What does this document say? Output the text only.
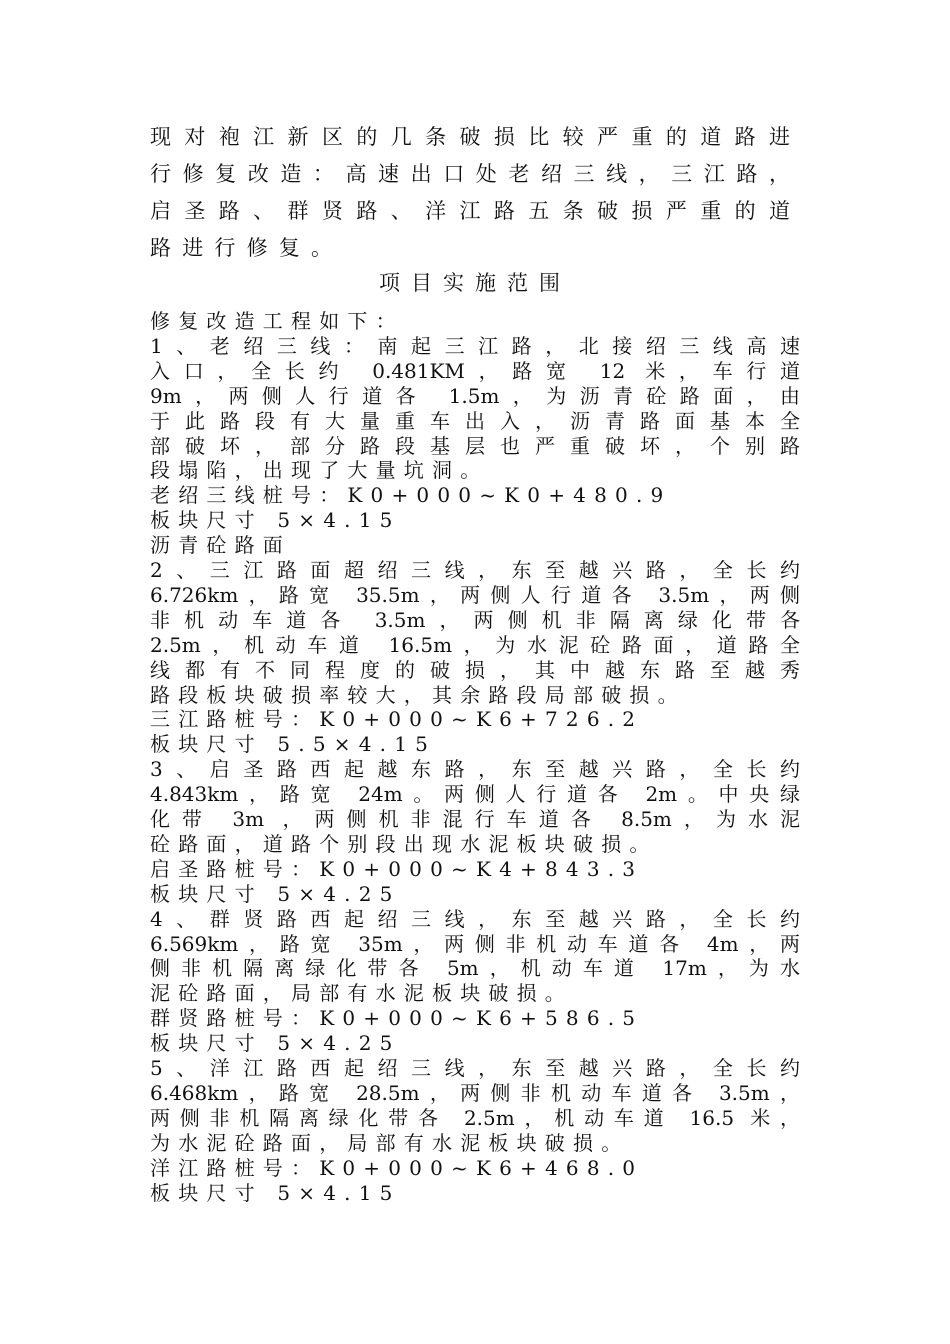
现对袍江新区的几条破损比较严重的道路进
行修复改造：高速出口处老绍三线，三江路，
启圣路、群贤路、洋江路五条破损严重的道
路进行修复。
项目实施范围
修复改造工程如下：
1、老绍三线：南起三江路，北接绍三线高速
入口，全长约 0.481KM，路宽 12 米，车行道
9m，两侧人行道各 1.5m，为沥青砼路面，由
于此路段有大量重车出入，沥青路面基本全
部破坏，部分路段基层也严重破坏，个别路
段塌陷，出现了大量坑洞。
老绍三线桩号：K0+000~K0+480.9
板块尺寸 5×4.15
沥青砼路面
2、三江路面超绍三线，东至越兴路，全长约
6.726km，路宽 35.5m，两侧人行道各 3.5m，两侧
非机动车道各 3.5m，两侧机非隔离绿化带各
2.5m，机动车道 16.5m，为水泥砼路面，道路全
线都有不同程度的破损，其中越东路至越秀
路段板块破损率较大，其余路段局部破损。
三江路桩号：K0+000~K6+726.2
板块尺寸 5.5×4.15
3、启圣路西起越东路，东至越兴路，全长约
4.843km，路宽 24m。两侧人行道各 2m。中央绿
化带 3m ，两侧机非混行车道各 8.5m，为水泥
砼路面，道路个别段出现水泥板块破损。
启圣路桩号：K0+000~K4+843.3
板块尺寸 5×4.25
4、群贤路西起绍三线，东至越兴路，全长约
6.569km，路宽 35m，两侧非机动车道各 4m，两
侧非机隔离绿化带各 5m，机动车道 17m，为水
泥砼路面，局部有水泥板块破损。
群贤路桩号：K0+000~K6+586.5
板块尺寸 5×4.25
5、洋江路西起绍三线，东至越兴路，全长约
6.468km，路宽 28.5m，两侧非机动车道各 3.5m，
两侧非机隔离绿化带各 2.5m，机动车道 16.5 米，
为水泥砼路面，局部有水泥板块破损。
洋江路桩号：K0+000~K6+468.0
板块尺寸 5×4.15
